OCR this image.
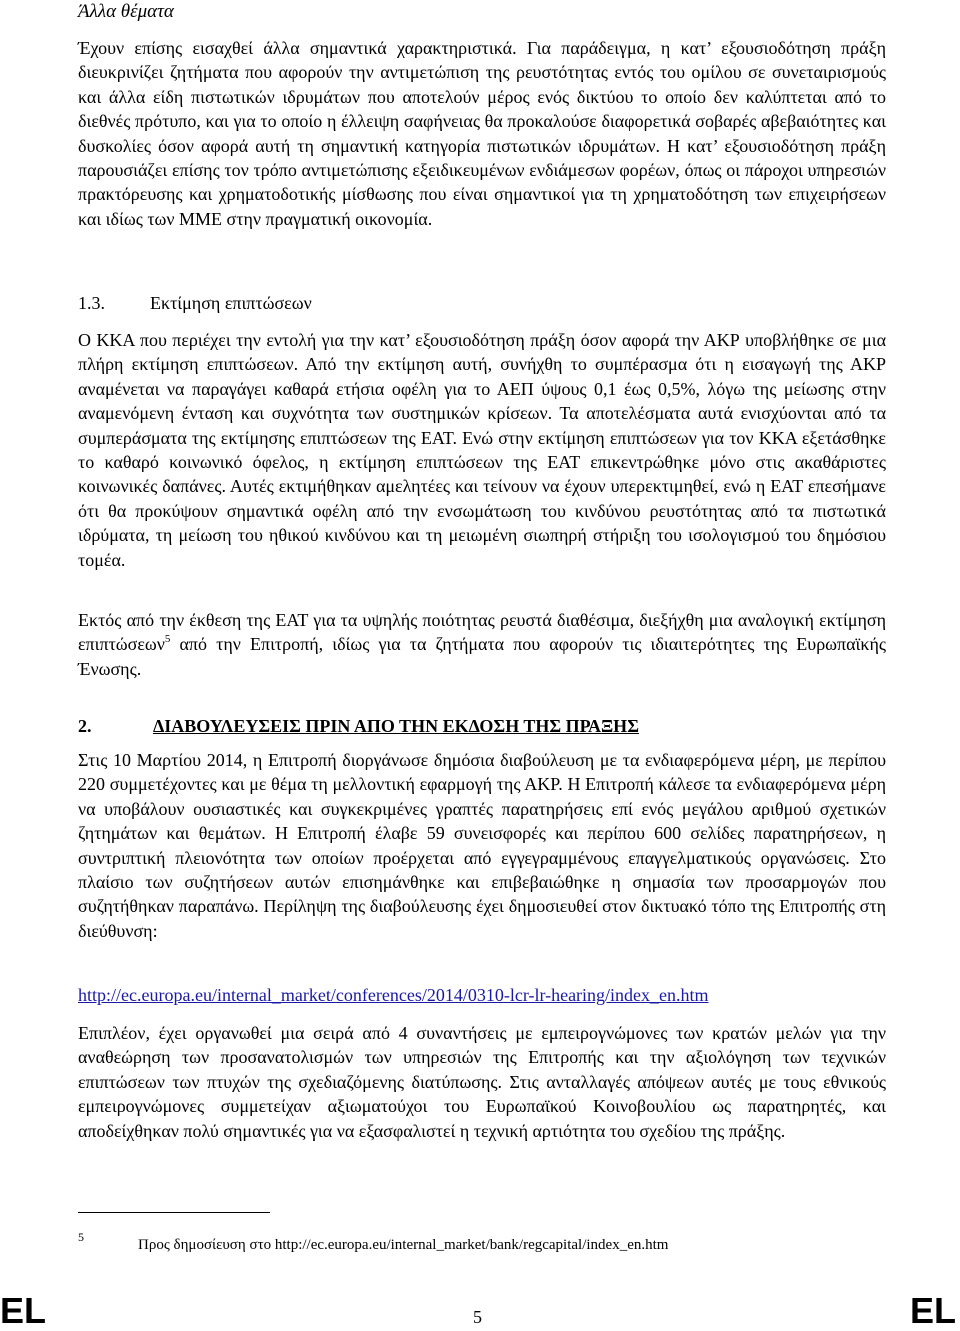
Άλλα θέματα

Έχουν επίσης εισαχθεί άλλα σημαντικά χαρακτηριστικά. Για παράδειγμα, η κατ’ εξουσιοδότηση πράξη διευκρινίζει ζητήματα που αφορούν την αντιμετώπιση της ρευστότητας εντός του ομίλου σε συνεταιρισμούς και άλλα είδη πιστωτικών ιδρυμάτων που αποτελούν μέρος ενός δικτύου το οποίο δεν καλύπτεται από το διεθνές πρότυπο, και για το οποίο η έλλειψη σαφήνειας θα προκαλούσε διαφορετικά σοβαρές αβεβαιότητες και δυσκολίες όσον αφορά αυτή τη σημαντική κατηγορία πιστωτικών ιδρυμάτων. Η κατ’ εξουσιοδότηση πράξη παρουσιάζει επίσης τον τρόπο αντιμετώπισης εξειδικευμένων ενδιάμεσων φορέων, όπως οι πάροχοι υπηρεσιών πρακτόρευσης και χρηματοδοτικής μίσθωσης που είναι σημαντικοί για τη χρηματοδότηση των επιχειρήσεων και ιδίως των ΜΜΕ στην πραγματική οικονομία.

1.3.	Εκτίμηση επιπτώσεων

Ο ΚΚΑ που περιέχει την εντολή για την κατ’ εξουσιοδότηση πράξη όσον αφορά την ΑΚΡ υποβλήθηκε σε μια πλήρη εκτίμηση επιπτώσεων. Από την εκτίμηση αυτή, συνήχθη το συμπέρασμα ότι η εισαγωγή της ΑΚΡ αναμένεται να παραγάγει καθαρά ετήσια οφέλη για το ΑΕΠ ύψους 0,1 έως 0,5%, λόγω της μείωσης στην αναμενόμενη ένταση και συχνότητα των συστημικών κρίσεων. Τα αποτελέσματα αυτά ενισχύονται από τα συμπεράσματα της εκτίμησης επιπτώσεων της ΕΑΤ. Ενώ στην εκτίμηση επιπτώσεων για τον ΚΚΑ εξετάσθηκε το καθαρό κοινωνικό όφελος, η εκτίμηση επιπτώσεων της ΕΑΤ επικεντρώθηκε μόνο στις ακαθάριστες κοινωνικές δαπάνες. Αυτές εκτιμήθηκαν αμελητέες και τείνουν να έχουν υπερεκτιμηθεί, ενώ η ΕΑΤ επεσήμανε ότι θα προκύψουν σημαντικά οφέλη από την ενσωμάτωση του κινδύνου ρευστότητας από τα πιστωτικά ιδρύματα, τη μείωση του ηθικού κινδύνου και τη μειωμένη σιωπηρή στήριξη του ισολογισμού του δημόσιου τομέα.

Εκτός από την έκθεση της ΕΑΤ για τα υψηλής ποιότητας ρευστά διαθέσιμα, διεξήχθη μια αναλογική εκτίμηση επιπτώσεων$^5$ από την Επιτροπή, ιδίως για τα ζητήματα που αφορούν τις ιδιαιτερότητες της Ευρωπαϊκής Ένωσης.

2.	ΔΙΑΒΟΥΛΕΥΣΕΙΣ ΠΡΙΝ ΑΠΟ ΤΗΝ ΕΚΔΟΣΗ ΤΗΣ ΠΡΑΞΗΣ

Στις 10 Μαρτίου 2014, η Επιτροπή διοργάνωσε δημόσια διαβούλευση με τα ενδιαφερόμενα μέρη, με περίπου 220 συμμετέχοντες και με θέμα τη μελλοντική εφαρμογή της ΑΚΡ. Η Επιτροπή κάλεσε τα ενδιαφερόμενα μέρη να υποβάλουν ουσιαστικές και συγκεκριμένες γραπτές παρατηρήσεις επί ενός μεγάλου αριθμού σχετικών ζητημάτων και θεμάτων. Η Επιτροπή έλαβε 59 συνεισφορές και περίπου 600 σελίδες παρατηρήσεων, η συντριπτική πλειονότητα των οποίων προέρχεται από εγγεγραμμένους επαγγελματικούς οργανώσεις. Στο πλαίσιο των συζητήσεων αυτών επισημάνθηκε και επιβεβαιώθηκε η σημασία των προσαρμογών που συζητήθηκαν παραπάνω. Περίληψη της διαβούλευσης έχει δημοσιευθεί στον δικτυακό τόπο της Επιτροπής στη διεύθυνση:

http://ec.europa.eu/internal_market/conferences/2014/0310-lcr-lr-hearing/index_en.htm

Επιπλέον, έχει οργανωθεί μια σειρά από 4 συναντήσεις με εμπειρογνώμονες των κρατών μελών για την αναθεώρηση των προσανατολισμών των υπηρεσιών της Επιτροπής και την αξιολόγηση των τεχνικών επιπτώσεων των πτυχών της σχεδιαζόμενης διατύπωσης. Στις ανταλλαγές απόψεων αυτές με τους εθνικούς εμπειρογνώμονες συμμετείχαν αξιωματούχοι του Ευρωπαϊκού Κοινοβουλίου ως παρατηρητές, και αποδείχθηκαν πολύ σημαντικές για να εξασφαλιστεί η τεχνική αρτιότητα του σχεδίου της πράξης.

5	Προς δημοσίευση στο http://ec.europa.eu/internal_market/bank/regcapital/index_en.htm
EL	5	EL
